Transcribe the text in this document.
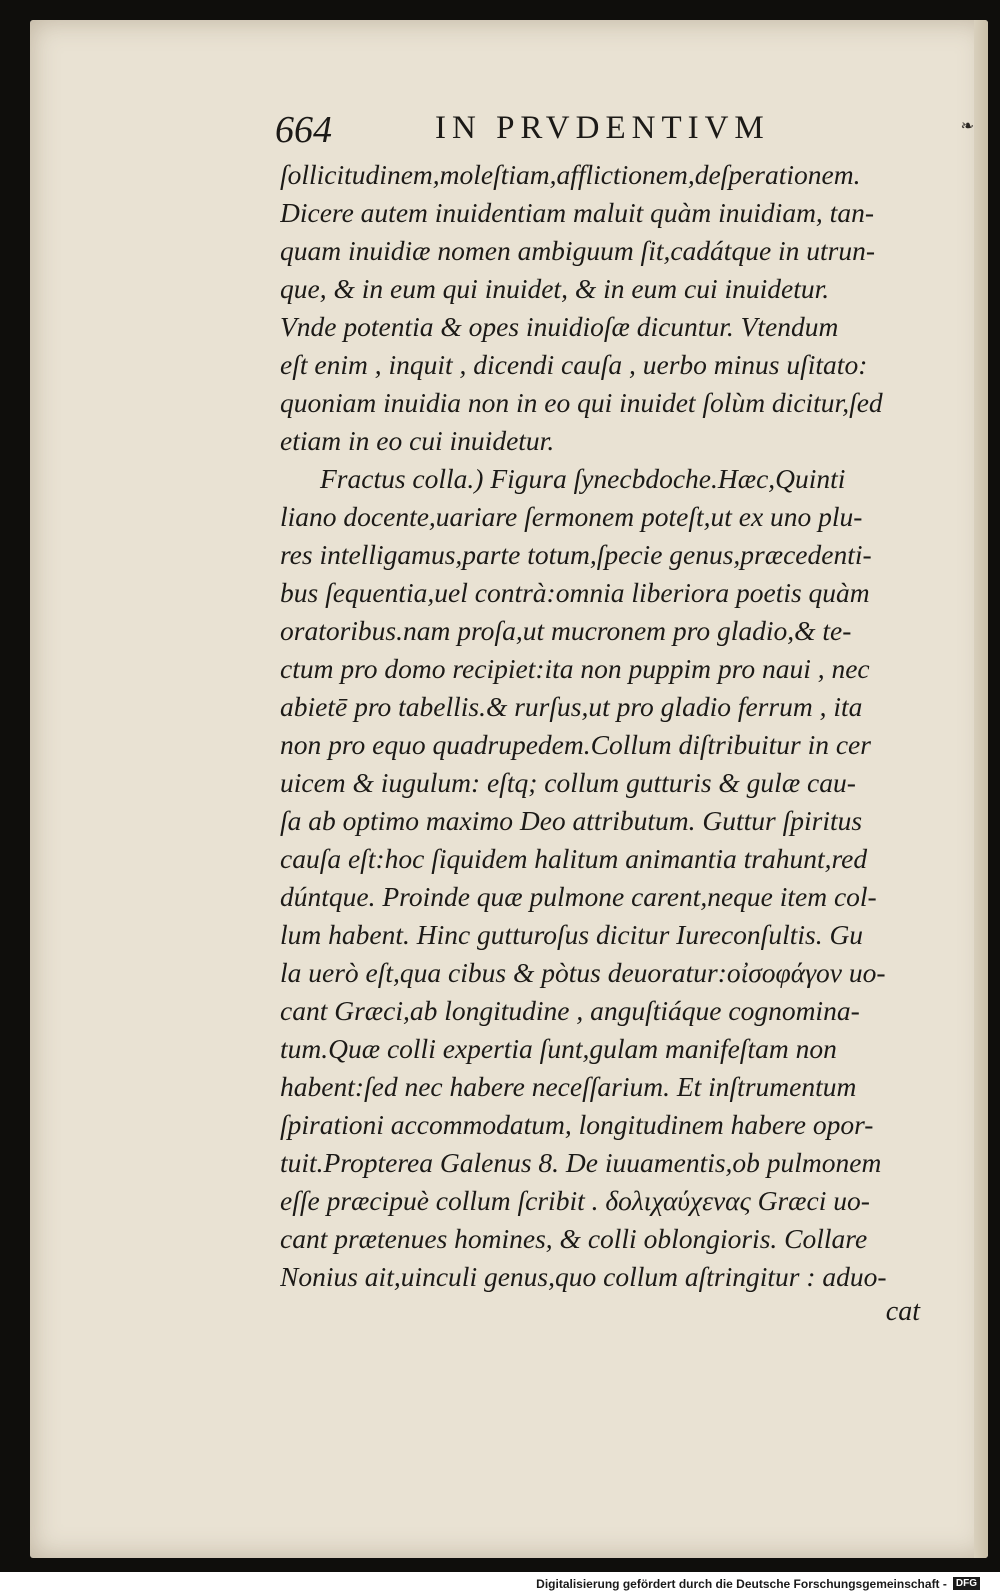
664	IN PRVDENTIVM	❧
ſollicitudinem,moleſtiam,afflictionem,deſperationem.
Dicere autem inuidentiam maluit quàm inuidiam, tan-
quam inuidiæ nomen ambiguum ſit,cadátque in utrun-
que, & in eum qui inuidet, & in eum cui inuidetur.
Vnde potentia & opes inuidioſæ dicuntur. Vtendum
eſt enim , inquit , dicendi cauſa , uerbo minus uſitato:
quoniam inuidia non in eo qui inuidet ſolùm dicitur,ſed
etiam in eo cui inuidetur.
Fractus colla.) Figura ſynecbdoche.Hæc,Quinti
liano docente,uariare ſermonem poteſt,ut ex uno plu-
res intelligamus,parte totum,ſpecie genus,præcedenti-
bus ſequentia,uel contrà:omnia liberiora poetis quàm
oratoribus.nam proſa,ut mucronem pro gladio,& te-
ctum pro domo recipiet:ita non puppim pro naui , nec
abietē pro tabellis.& rurſus,ut pro gladio ferrum , ita
non pro equo quadrupedem.Collum diſtribuitur in cer
uicem & iugulum: eſtq; collum gutturis & gulæ cau-
ſa ab optimo maximo Deo attributum. Guttur ſpiritus
cauſa eſt:hoc ſiquidem halitum animantia trahunt,red
dúntque. Proinde quæ pulmone carent,neque item col-
lum habent. Hinc gutturoſus dicitur Iureconſultis. Gu
la uerò eſt,qua cibus & pòtus deuoratur:οἰσοφάγον uo-
cant Græci,ab longitudine , anguſtiáque cognomina-
tum.Quæ colli expertia ſunt,gulam manifeſtam non
habent:ſed nec habere neceſſarium. Et inſtrumentum
ſpirationi accommodatum, longitudinem habere opor-
tuit.Propterea Galenus 8. De iuuamentis,ob pulmonem
eſſe præcipuè collum ſcribit . δολιχαύχενας Græci uo-
cant prætenues homines, & colli oblongioris. Collare
Nonius ait,uinculi genus,quo collum aſtringitur : aduo-
cat
Digitalisierung gefördert durch die Deutsche Forschungsgemeinschaft - DFG
